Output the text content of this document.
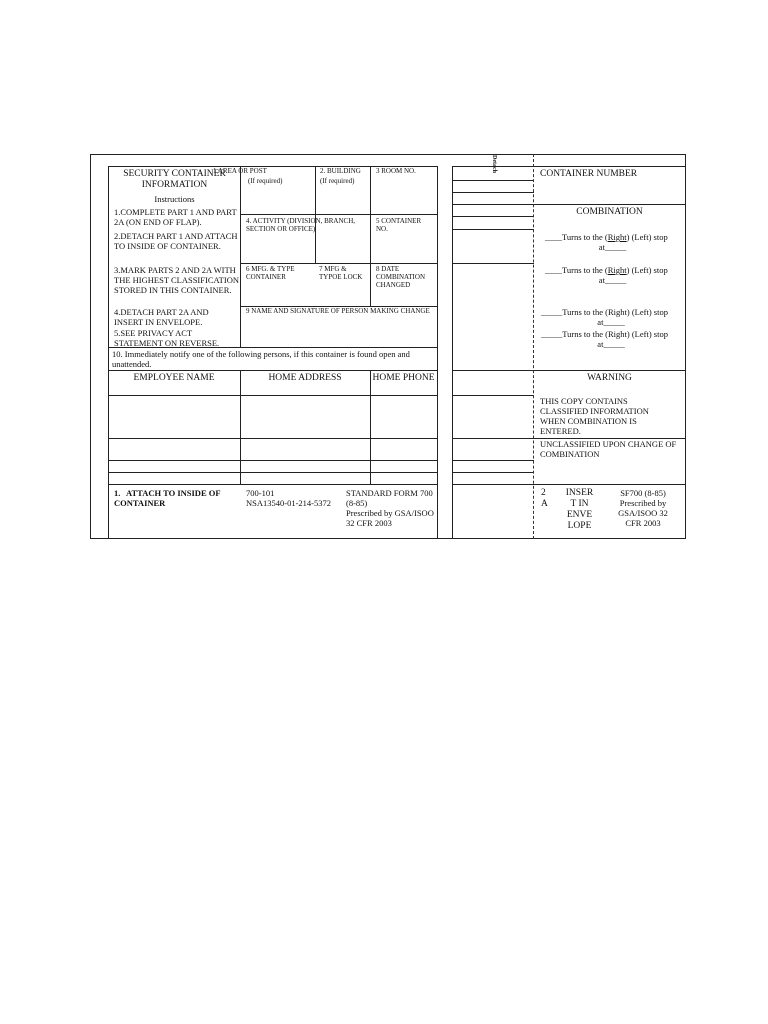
SECURITY CONTAINER INFORMATION
Instructions
1.COMPLETE PART 1 AND PART 2A (ON END OF FLAP).
2.DETACH PART 1 AND ATTACH TO INSIDE OF CONTAINER.
3.MARK PARTS 2 AND 2A WITH THE HIGHEST CLASSIFICATION STORED IN THIS CONTAINER.
4.DETACH PART 2A AND INSERT IN ENVELOPE.
5.SEE PRIVACY ACT STATEMENT ON REVERSE.
1 AREA OR POST
(If required)
2. BUILDING
(If required)
3 ROOM NO.
4. ACTIVITY (DIVISION, BRANCH, SECTION OR OFFICE)
5 CONTAINER NO.
6 MFG. & TYPE CONTAINER
7 MFG & TYPOE LOCK
8 DATE COMBINATION CHANGED
9 NAME AND SIGNATURE OF PERSON MAKING CHANGE
10. Immediately notify one of the following persons, if this container is found open and unattended.
EMPLOYEE NAME	HOME ADDRESS	HOME PHONE
1. ATTACH TO INSIDE OF CONTAINER
700-101
NSA13540-01-214-5372
STANDARD FORM 700 (8-85)
Prescribed by GSA/ISOO
32 CFR 2003
Detach
CONTAINER NUMBER
COMBINATION
____Turns to the (Right) (Left) stop
at_____
____Turns to the (Right) (Left) stop
at_____
_____Turns to the (Right) (Left) stop
at_____
_____Turns to the (Right) (Left) stop
at_____
WARNING
THIS COPY CONTAINS CLASSIFIED INFORMATION WHEN COMBINATION IS ENTERED.
UNCLASSIFIED UPON CHANGE OF COMBINATION
2
A
INSER
T IN
ENVE
LOPE
SF700 (8-85)
Prescribed by
GSA/ISOO 32
CFR 2003
